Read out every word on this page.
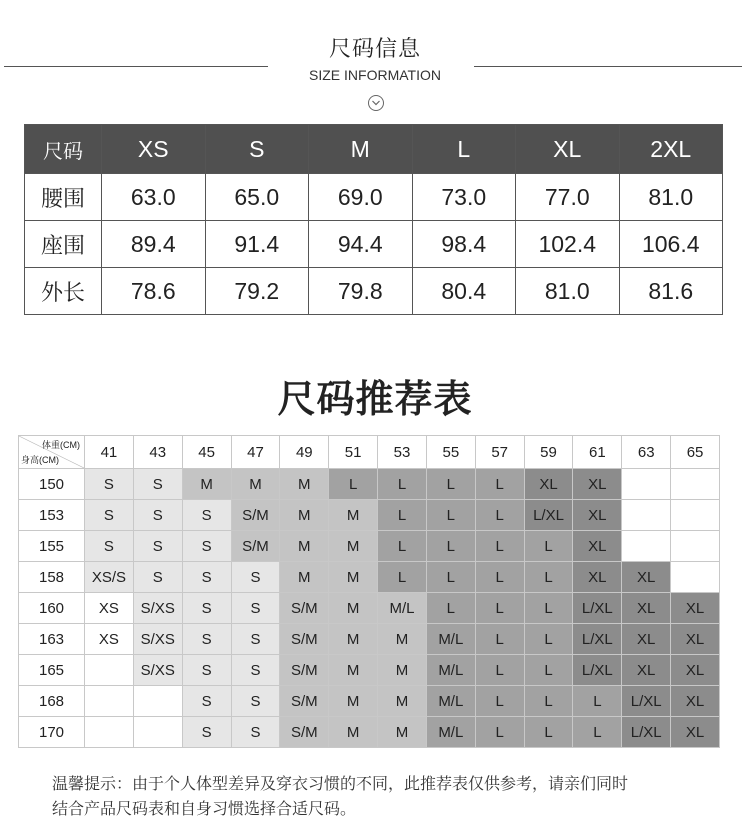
尺码信息
SIZE INFORMATION
尺码	XS	S	M	L	XL	2XL
腰围	63.0	65.0	69.0	73.0	77.0	81.0
座围	89.4	91.4	94.4	98.4	102.4	106.4
外长	78.6	79.2	79.8	80.4	81.0	81.6
尺码推荐表
体重(CM)
身高(CM)	41	43	45	47	49	51	53	55	57	59	61	63	65
150	S	S	M	M	M	L	L	L	L	XL	XL		
153	S	S	S	S/M	M	M	L	L	L	L/XL	XL		
155	S	S	S	S/M	M	M	L	L	L	L	XL		
158	XS/S	S	S	S	M	M	L	L	L	L	XL	XL	
160	XS	S/XS	S	S	S/M	M	M/L	L	L	L	L/XL	XL	XL
163	XS	S/XS	S	S	S/M	M	M	M/L	L	L	L/XL	XL	XL
165		S/XS	S	S	S/M	M	M	M/L	L	L	L/XL	XL	XL
168			S	S	S/M	M	M	M/L	L	L	L	L/XL	XL
170			S	S	S/M	M	M	M/L	L	L	L	L/XL	XL
温馨提示：由于个人体型差异及穿衣习惯的不同，此推荐表仅供参考，请亲们同时
结合产品尺码表和自身习惯选择合适尺码。
